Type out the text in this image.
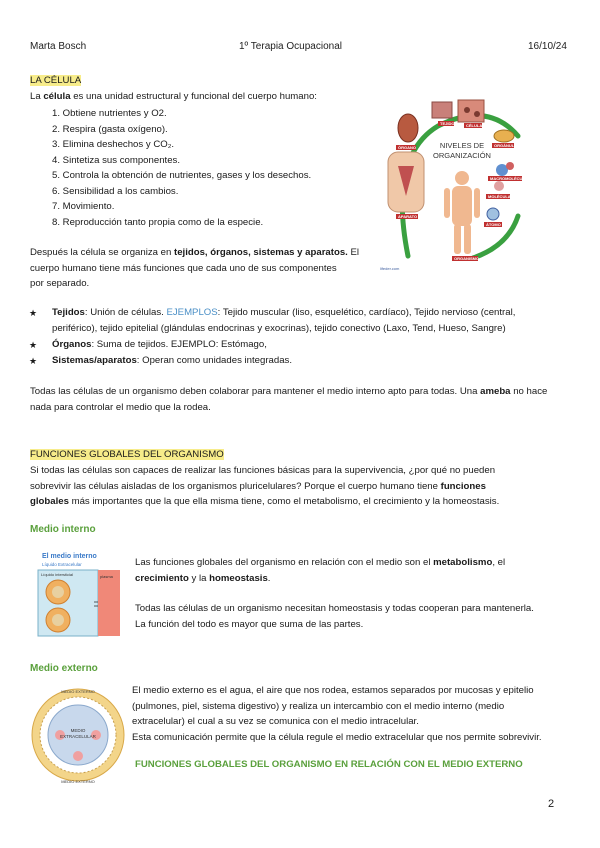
Marta Bosch	1º Terapia Ocupacional	16/10/24
LA CÉLULA
La célula es una unidad estructural y funcional del cuerpo humano:
1. Obtiene nutrientes y O2.
2. Respira (gasta oxígeno).
3. Elimina deshechos y CO₂.
4. Sintetiza sus componentes.
5. Controla la obtención de nutrientes, gases y los desechos.
6. Sensibilidad a los cambios.
7. Movimiento.
8. Reproducción tanto propia como de la especie.
Después la célula se organiza en tejidos, órganos, sistemas y aparatos. El
cuerpo humano tiene más funciones que cada uno de sus componentes
por separado.
NIVELES DE
ORGANIZACIÓN
TEJIDO	CÉLULAS
ÓRGANO	ORGÁNULO
MACROMOLÉCULA
MOLÉCULA
ÁTOMO
APARATO
ORGANISMO
lifeder.com
★ Tejidos: Unión de células. EJEMPLOS: Tejido muscular (liso, esquelético, cardíaco), Tejido nervioso (central,
periférico), tejido epitelial (glándulas endocrinas y exocrinas), tejido conectivo (Laxo, Tend, Hueso, Sangre)
★ Órganos: Suma de tejidos. EJEMPLO: Estómago,
★ Sistemas/aparatos: Operan como unidades integradas.
Todas las células de un organismo deben colaborar para mantener el medio interno apto para todas. Una ameba no hace
nada para controlar el medio que la rodea.
FUNCIONES GLOBALES DEL ORGANISMO
Si todas las células son capaces de realizar las funciones básicas para la supervivencia, ¿por qué no pueden
sobrevivir las células aisladas de los organismos pluricelulares? Porque el cuerpo humano tiene funciones
globales más importantes que la que ella misma tiene, como el metabolismo, el crecimiento y la homeostasis.
Medio interno
El medio interno
Líquido Extracelular
Líquido intersticial	plasma
Las funciones globales del organismo en relación con el medio son el metabolismo, el
crecimiento y la homeostasis.
Todas las células de un organismo necesitan homeostasis y todas cooperan para mantenerla.
La función del todo es mayor que suma de las partes.
Medio externo
MEDIO EXTERNO
MEDIO
EXTRACELULAR
MEDIO EXTERNO
El medio externo es el agua, el aire que nos rodea, estamos separados por mucosas y epitelio
(pulmones, piel, sistema digestivo) y realiza un intercambio con el medio interno (medio
extracelular) el cual a su vez se comunica con el medio intracelular.
Esta comunicación permite que la célula regule el medio extracelular que nos permite sobrevivir.
FUNCIONES GLOBALES DEL ORGANISMO EN RELACIÓN CON EL MEDIO EXTERNO
2
